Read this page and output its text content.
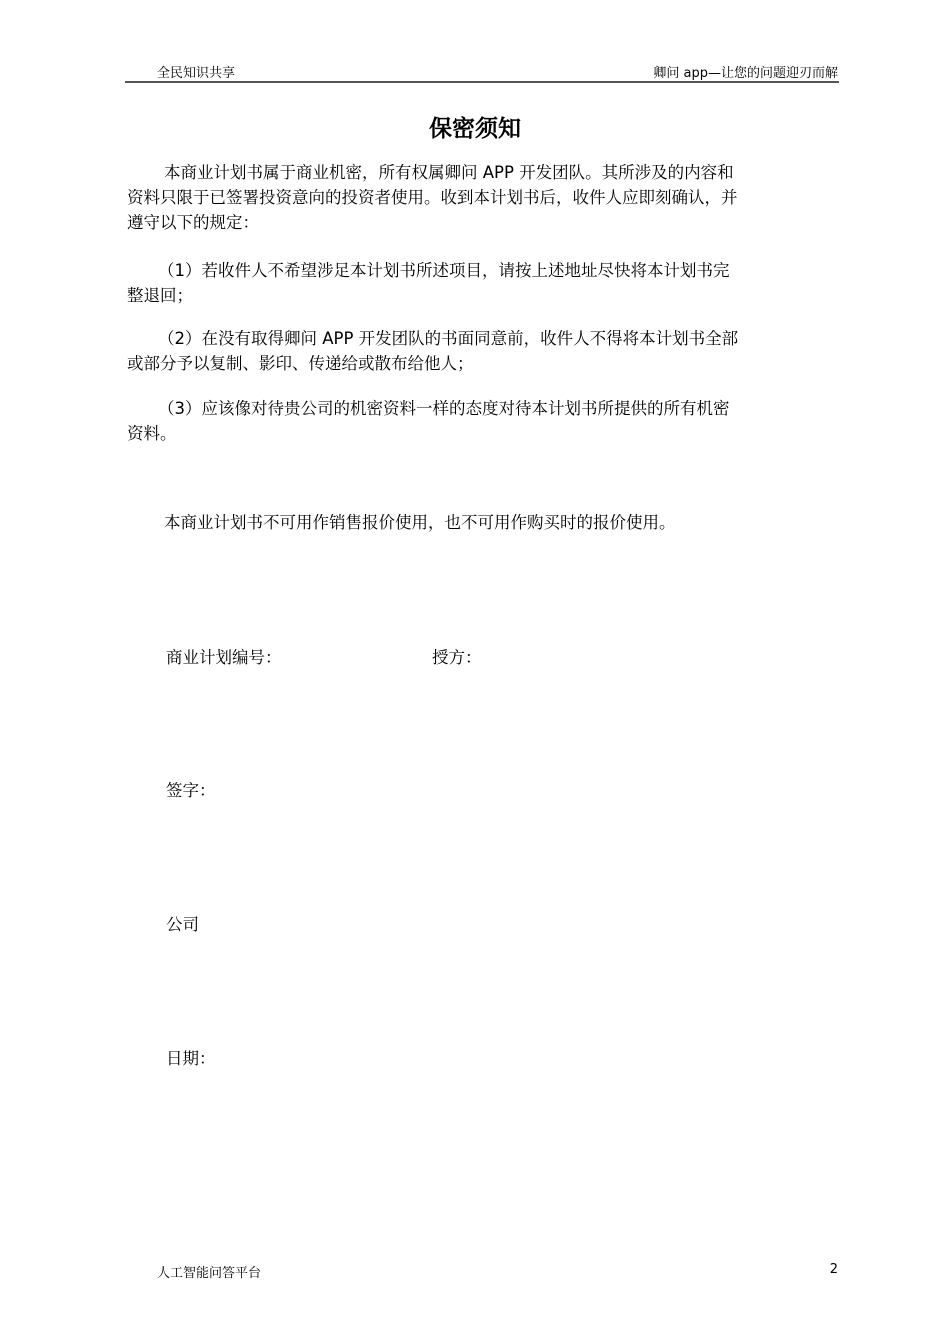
全民知识共享	卿问 app—让您的问题迎刃而解
保密须知
本商业计划书属于商业机密，所有权属卿问 APP 开发团队。其所涉及的内容和
资料只限于已签署投资意向的投资者使用。收到本计划书后，收件人应即刻确认，并
遵守以下的规定：
（1）若收件人不希望涉足本计划书所述项目，请按上述地址尽快将本计划书完
整退回；
（2）在没有取得卿问 APP 开发团队的书面同意前，收件人不得将本计划书全部
或部分予以复制、影印、传递给或散布给他人；
（3）应该像对待贵公司的机密资料一样的态度对待本计划书所提供的所有机密
资料。
本商业计划书不可用作销售报价使用，也不可用作购买时的报价使用。
商业计划编号：	授方：
签字：
公司
日期：
人工智能问答平台	2
